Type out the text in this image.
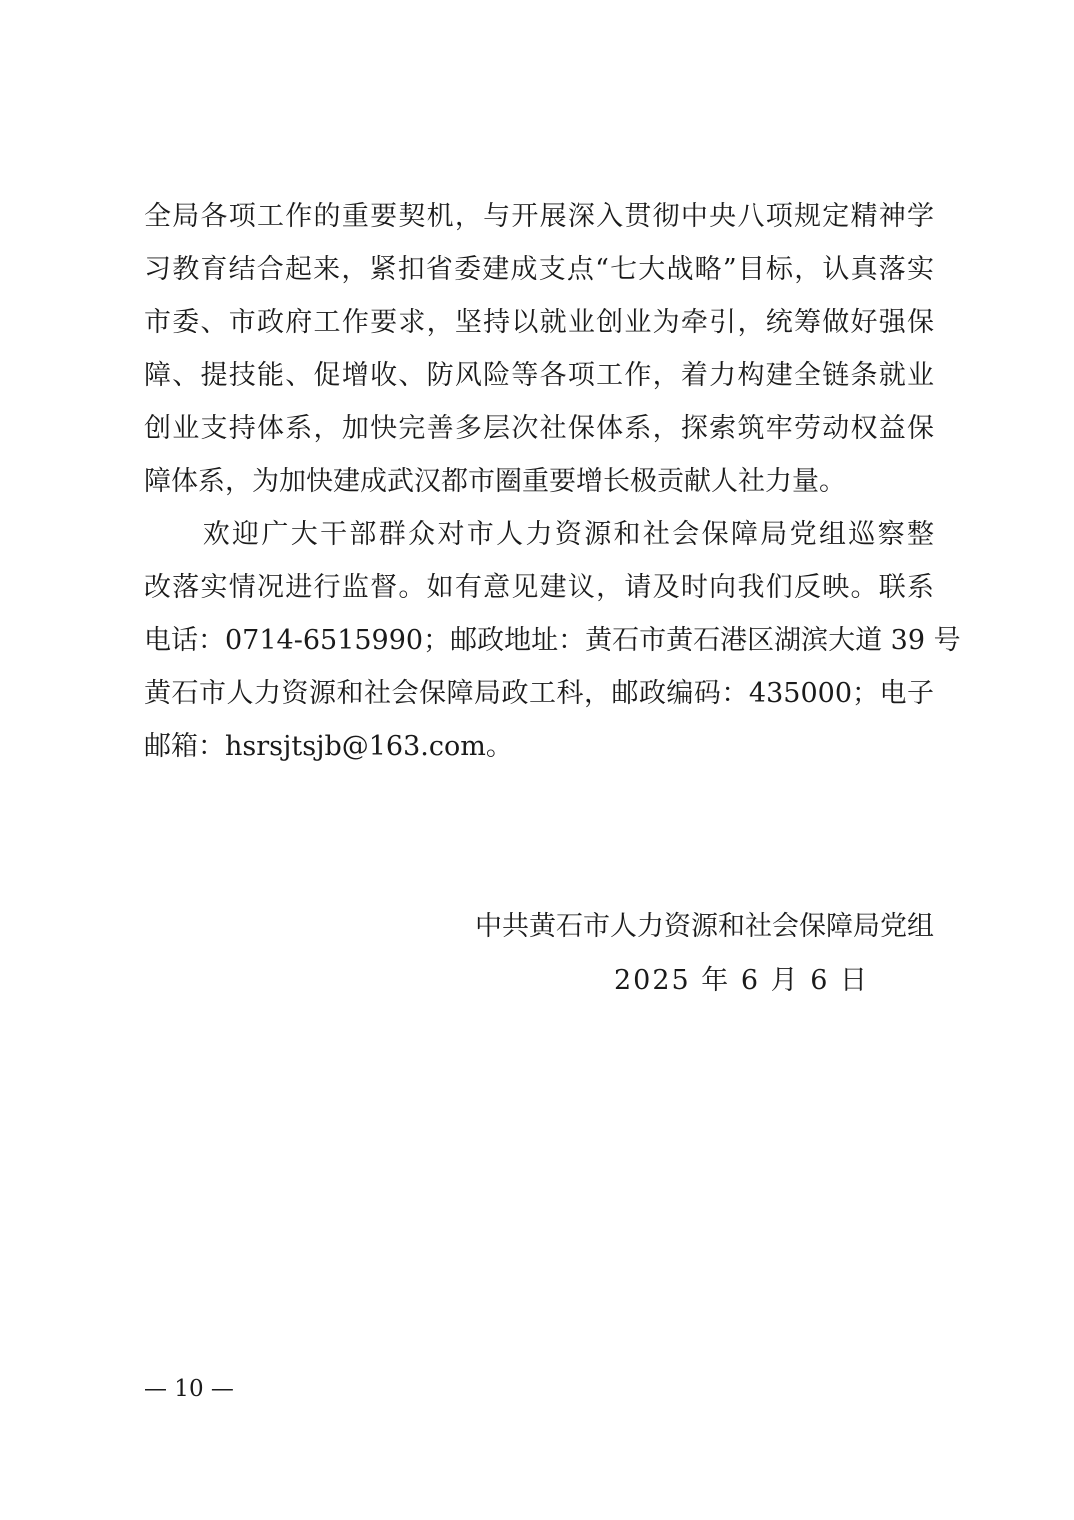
全局各项工作的重要契机，与开展深入贯彻中央八项规定精神学
习教育结合起来，紧扣省委建成支点“七大战略”目标，认真落实
市委、市政府工作要求，坚持以就业创业为牵引，统筹做好强保
障、提技能、促增收、防风险等各项工作，着力构建全链条就业
创业支持体系，加快完善多层次社保体系，探索筑牢劳动权益保
障体系，为加快建成武汉都市圈重要增长极贡献人社力量。
　　欢迎广大干部群众对市人力资源和社会保障局党组巡察整
改落实情况进行监督。如有意见建议，请及时向我们反映。联系
电话：0714-6515990；邮政地址：黄石市黄石港区湖滨大道 39 号
黄石市人力资源和社会保障局政工科，邮政编码：435000；电子
邮箱：hsrsjtsjb@163.com。
中共黄石市人力资源和社会保障局党组
2025 年 6 月 6 日
— 10 —
